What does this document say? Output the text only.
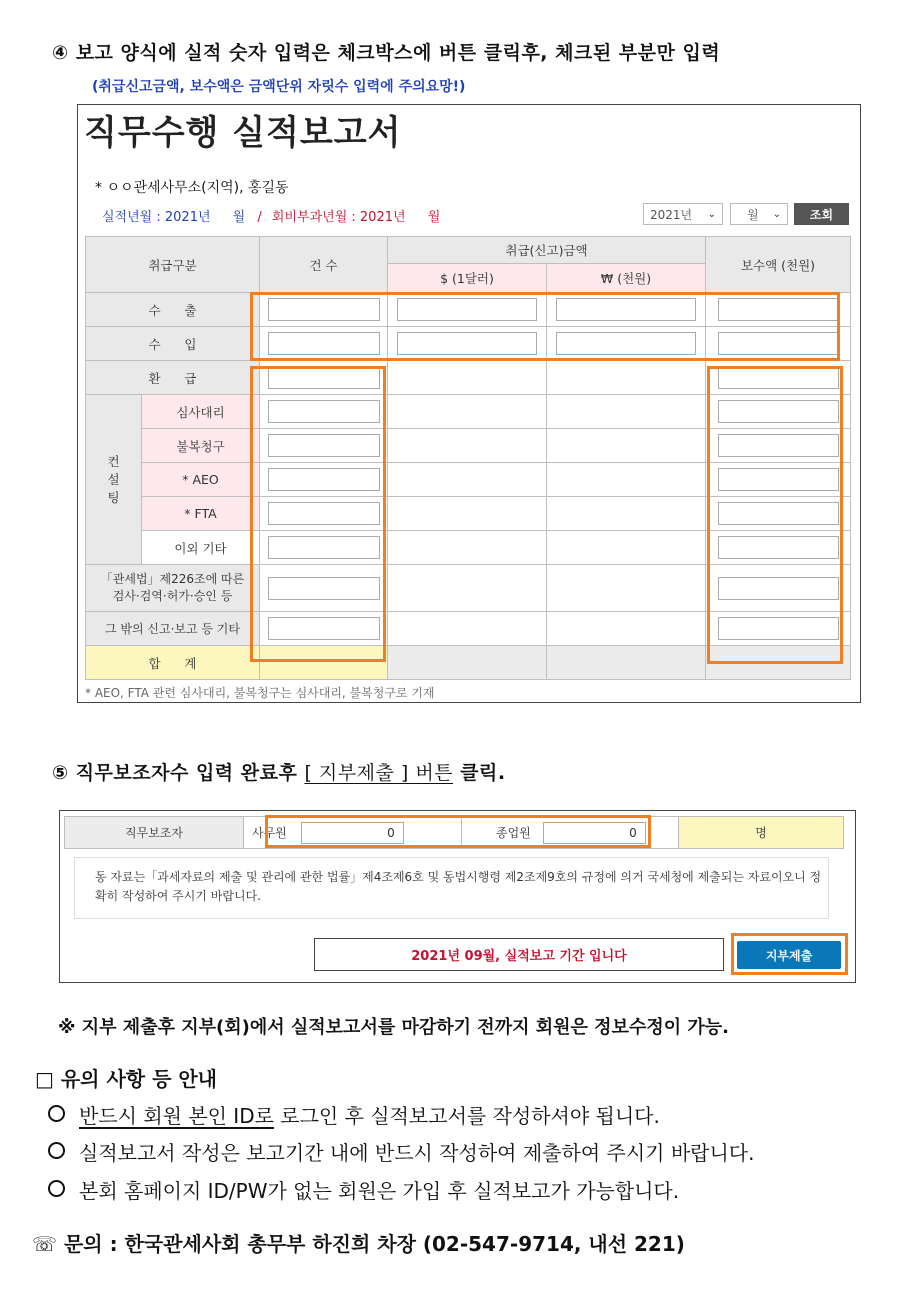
④ 보고 양식에 실적 숫자 입력은 체크박스에 버튼 클릭후, 체크된 부분만 입력
(취급신고금액, 보수액은 금액단위 자릿수 입력에 주의요망!)
직무수행 실적보고서
* ㅇㅇ관세사무소(지역), 홍길동
실적년월 : 2021년 월 / 회비부과년월 : 2021년 월	2021년 ⌄	월 ⌄	조회
취급구분		건 수	취급(신고)금액		보수액 (천원)
			$ (1달러)	₩ (천원)	
수      출		

수      입		

환      급		

컨
설
팅	심사대리	

	불복청구	

	* AEO	

	* FTA	

	이외 기타	

「관세법」제226조에 따른
검사·검역·허가·승인 등		

그 밖의 신고·보고 등 기타		

합      계					
* AEO, FTA 관련 심사대리, 불복청구는 심사대리, 불복청구로 기재
⑤ 직무보조자수 입력 완료후 [ 지부제출 ] 버튼 클릭.
직무보조자	사무원	0	종업원	0	명
동 자료는「과세자료의 제출 및 관리에 관한 법률」제4조제6호 및 동법시행령 제2조제9호의 규정에 의거 국세청에 제출되는 자료이오니 정확히 작성하여 주시기 바랍니다.
2021년 09월, 실적보고 기간 입니다	지부제출
※ 지부 제출후 지부(회)에서 실적보고서를 마감하기 전까지 회원은 정보수정이 가능.
□ 유의 사항 등 안내
반드시 회원 본인 ID로 로그인 후 실적보고서를 작성하셔야 됩니다.
실적보고서 작성은 보고기간 내에 반드시 작성하여 제출하여 주시기 바랍니다.
본회 홈페이지 ID/PW가 없는 회원은 가입 후 실적보고가 가능합니다.
☏ 문의 : 한국관세사회 총무부 하진희 차장 (02-547-9714, 내선 221)
